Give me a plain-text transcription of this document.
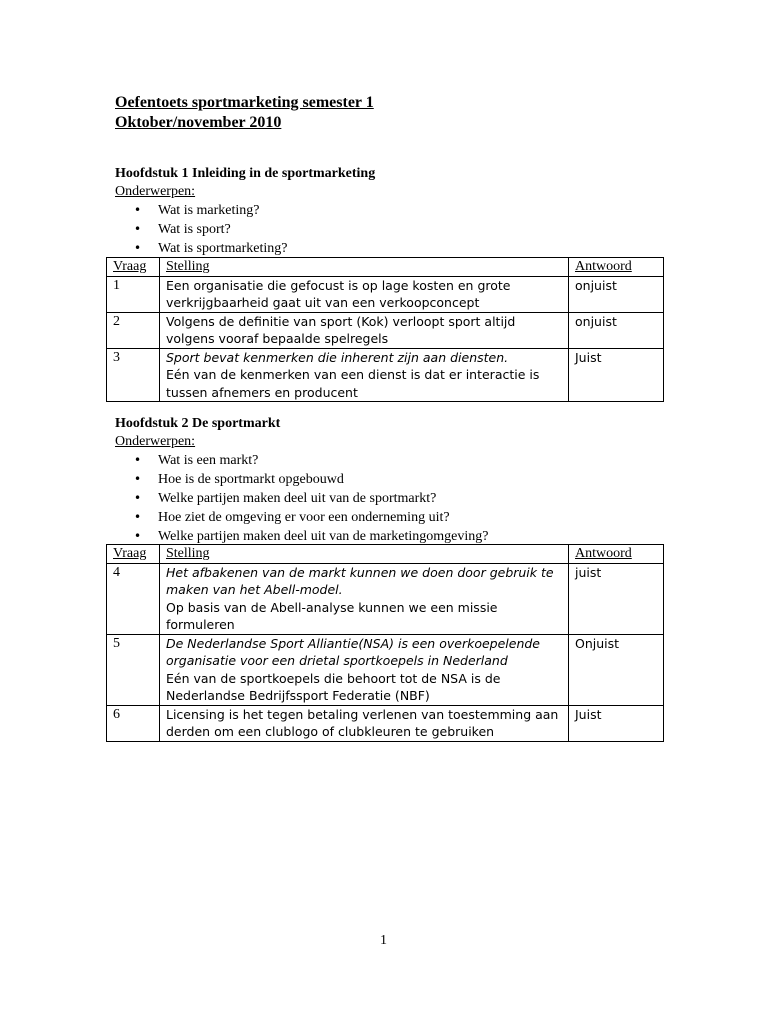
Oefentoets sportmarketing semester 1
Oktober/november 2010
Hoofdstuk 1 Inleiding in de sportmarketing
Onderwerpen:
• Wat is marketing?
• Wat is sport?
• Wat is sportmarketing?
Vraag	Stelling	Antwoord
1	Een organisatie die gefocust is op lage kosten en grote
verkrijgbaarheid gaat uit van een verkoopconcept	onjuist
2	Volgens de definitie van sport (Kok) verloopt sport altijd
volgens vooraf bepaalde spelregels	onjuist
3	Sport bevat kenmerken die inherent zijn aan diensten.
Eén van de kenmerken van een dienst is dat er interactie is
tussen afnemers en producent	Juist
Hoofdstuk 2 De sportmarkt
Onderwerpen:
• Wat is een markt?
• Hoe is de sportmarkt opgebouwd
• Welke partijen maken deel uit van de sportmarkt?
• Hoe ziet de omgeving er voor een onderneming uit?
• Welke partijen maken deel uit van de marketingomgeving?
Vraag	Stelling	Antwoord
4	Het afbakenen van de markt kunnen we doen door gebruik te
maken van het Abell-model.
Op basis van de Abell-analyse kunnen we een missie formuleren	juist
5	De Nederlandse Sport Alliantie(NSA) is een overkoepelende
organisatie voor een drietal sportkoepels in Nederland
Eén van de sportkoepels die behoort tot de NSA is de
Nederlandse Bedrijfssport Federatie (NBF)	Onjuist
6	Licensing is het tegen betaling verlenen van toestemming aan
derden om een clublogo of clubkleuren te gebruiken	Juist
1
